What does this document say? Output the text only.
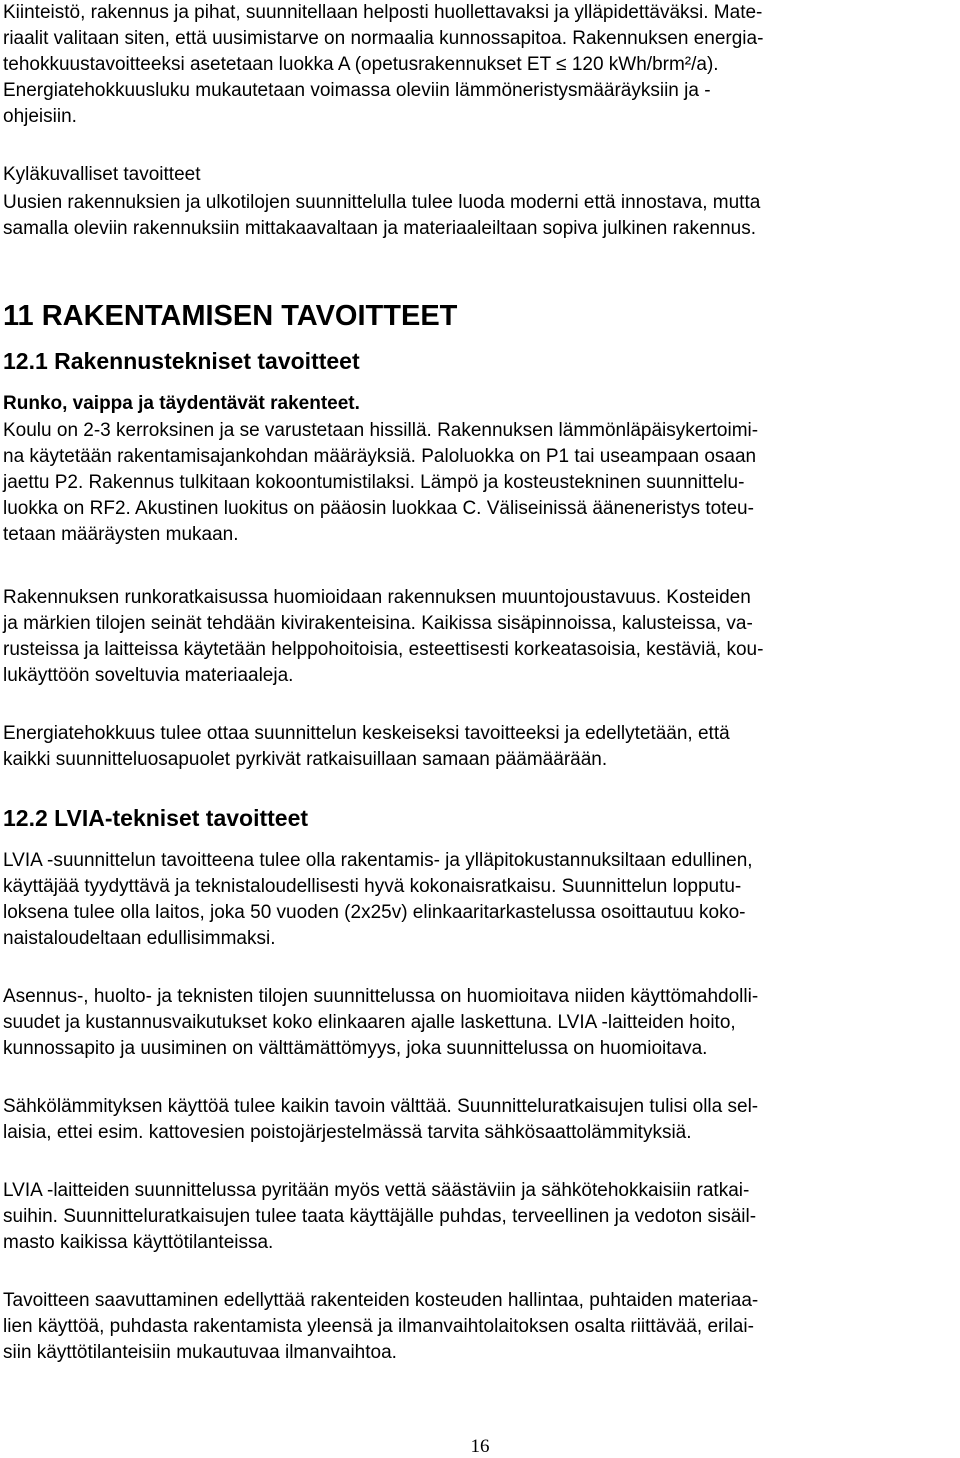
Kiinteistö, rakennus ja pihat, suunnitellaan helposti huollettavaksi ja ylläpidettäväksi. Mate-
riaalit valitaan siten, että uusimistarve on normaalia kunnossapitoa. Rakennuksen energia-
tehokkuustavoitteeksi asetetaan luokka A (opetusrakennukset ET ≤ 120 kWh/brm²/a).
Energiatehokkuusluku mukautetaan voimassa oleviin lämmöneristysmääräyksiin ja -
ohjeisiin.

Kyläkuvalliset tavoitteet

Uusien rakennuksien ja ulkotilojen suunnittelulla tulee luoda moderni että innostava, mutta
samalla oleviin rakennuksiin mittakaavaltaan ja materiaaleiltaan sopiva julkinen rakennus.

11 RAKENTAMISEN TAVOITTEET
12.1 Rakennustekniset tavoitteet
Runko, vaippa ja täydentävät rakenteet.

Koulu on 2-3 kerroksinen ja se varustetaan hissillä. Rakennuksen lämmönläpäisykertoimi-
na käytetään rakentamisajankohdan määräyksiä. Paloluokka on P1 tai useampaan osaan
jaettu P2. Rakennus tulkitaan kokoontumistilaksi. Lämpö ja kosteustekninen suunnittelu-
luokka on RF2. Akustinen luokitus on pääosin luokkaa C. Väliseinissä ääneneristys toteu-
tetaan määräysten mukaan.

Rakennuksen runkoratkaisussa huomioidaan rakennuksen muuntojoustavuus. Kosteiden
ja märkien tilojen seinät tehdään kivirakenteisina. Kaikissa sisäpinnoissa, kalusteissa, va-
rusteissa ja laitteissa käytetään helppohoitoisia, esteettisesti korkeatasoisia, kestäviä, kou-
lukäyttöön soveltuvia materiaaleja.

Energiatehokkuus tulee ottaa suunnittelun keskeiseksi tavoitteeksi ja edellytetään, että
kaikki suunnitteluosapuolet pyrkivät ratkaisuillaan samaan päämäärään.

12.2 LVIA-tekniset tavoitteet

LVIA -suunnittelun tavoitteena tulee olla rakentamis- ja ylläpitokustannuksiltaan edullinen,
käyttäjää tyydyttävä ja teknistaloudellisesti hyvä kokonaisratkaisu. Suunnittelun lopputu-
loksena tulee olla laitos, joka 50 vuoden (2x25v) elinkaaritarkastelussa osoittautuu koko-
naistaloudeltaan edullisimmaksi.

Asennus-, huolto- ja teknisten tilojen suunnittelussa on huomioitava niiden käyttömahdolli-
suudet ja kustannusvaikutukset koko elinkaaren ajalle laskettuna. LVIA -laitteiden hoito,
kunnossapito ja uusiminen on välttämättömyys, joka suunnittelussa on huomioitava.

Sähkölämmityksen käyttöä tulee kaikin tavoin välttää. Suunnitteluratkaisujen tulisi olla sel-
laisia, ettei esim. kattovesien poistojärjestelmässä tarvita sähkösaattolämmityksiä.

LVIA -laitteiden suunnittelussa pyritään myös vettä säästäviin ja sähkötehokkaisiin ratkai-
suihin. Suunnitteluratkaisujen tulee taata käyttäjälle puhdas, terveellinen ja vedoton sisäil-
masto kaikissa käyttötilanteissa.

Tavoitteen saavuttaminen edellyttää rakenteiden kosteuden hallintaa, puhtaiden materiaa-
lien käyttöä, puhdasta rakentamista yleensä ja ilmanvaihtolaitoksen osalta riittävää, erilai-
siin käyttötilanteisiin mukautuvaa ilmanvaihtoa.

16
